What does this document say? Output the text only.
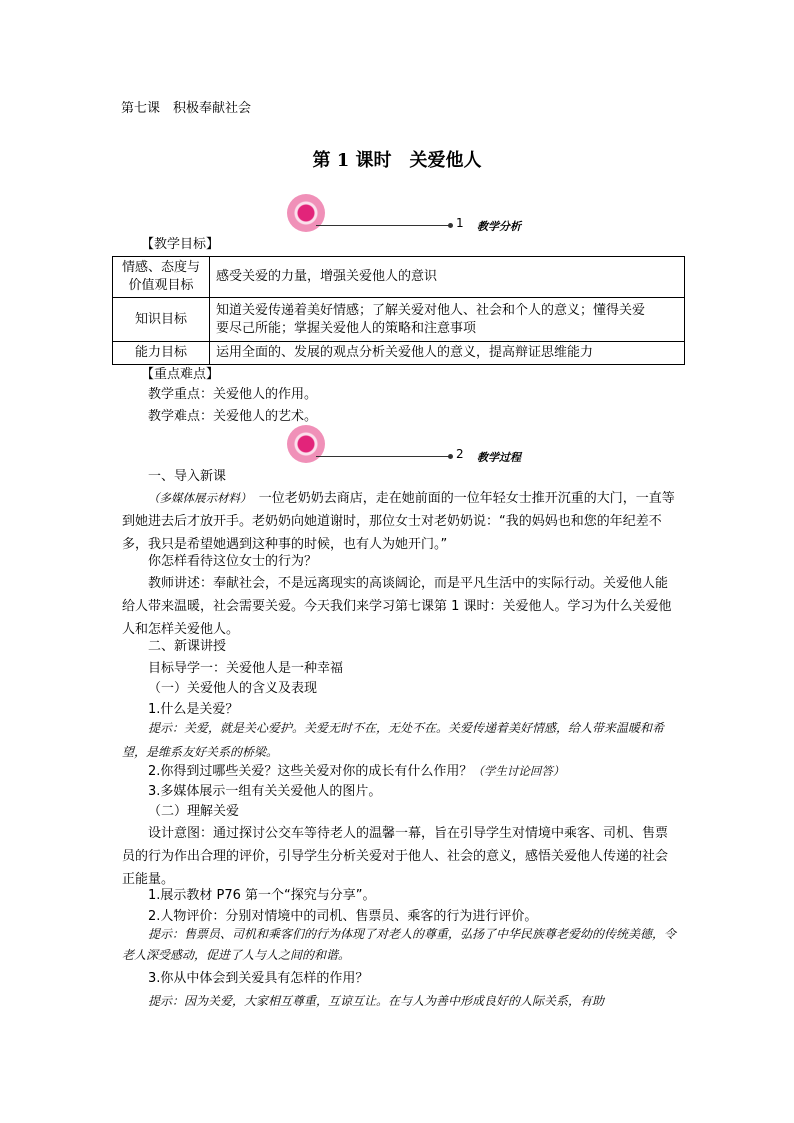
第七课　积极奉献社会
第 1 课时　关爱他人
1 教学分析
【教学目标】
情感、态度与
价值观目标	感受关爱的力量，增强关爱他人的意识
知识目标	知道关爱传递着美好情感；了解关爱对他人、社会和个人的意义；懂得关爱
要尽己所能；掌握关爱他人的策略和注意事项

能力目标	运用全面的、发展的观点分析关爱他人的意义，提高辩证思维能力
【重点难点】
教学重点：关爱他人的作用。
教学难点：关爱他人的艺术。
2 教学过程
一、导入新课
（多媒体展示材料）　一位老奶奶去商店，走在她前面的一位年轻女士推开沉重的大门，一直等到她进去后才放开手。老奶奶向她道谢时，那位女士对老奶奶说：“我的妈妈也和您的年纪差不多，我只是希望她遇到这种事的时候，也有人为她开门。”
你怎样看待这位女士的行为？
教师讲述：奉献社会，不是远离现实的高谈阔论，而是平凡生活中的实际行动。关爱他人能给人带来温暖，社会需要关爱。今天我们来学习第七课第 1 课时：关爱他人。学习为什么关爱他人和怎样关爱他人。
二、新课讲授
目标导学一：关爱他人是一种幸福
（一）关爱他人的含义及表现
1.什么是关爱？
提示：关爱，就是关心爱护。关爱无时不在，无处不在。关爱传递着美好情感，给人带来温暖和希望，是维系友好关系的桥梁。
2.你得到过哪些关爱？这些关爱对你的成长有什么作用？（学生讨论回答）
3.多媒体展示一组有关关爱他人的图片。
（二）理解关爱
设计意图：通过探讨公交车等待老人的温馨一幕，旨在引导学生对情境中乘客、司机、售票员的行为作出合理的评价，引导学生分析关爱对于他人、社会的意义，感悟关爱他人传递的社会正能量。
1.展示教材 P76 第一个“探究与分享”。
2.人物评价：分别对情境中的司机、售票员、乘客的行为进行评价。
提示：售票员、司机和乘客们的行为体现了对老人的尊重，弘扬了中华民族尊老爱幼的传统美德，令老人深受感动，促进了人与人之间的和谐。
3.你从中体会到关爱具有怎样的作用？
提示：因为关爱，大家相互尊重，互谅互让。在与人为善中形成良好的人际关系，有助
